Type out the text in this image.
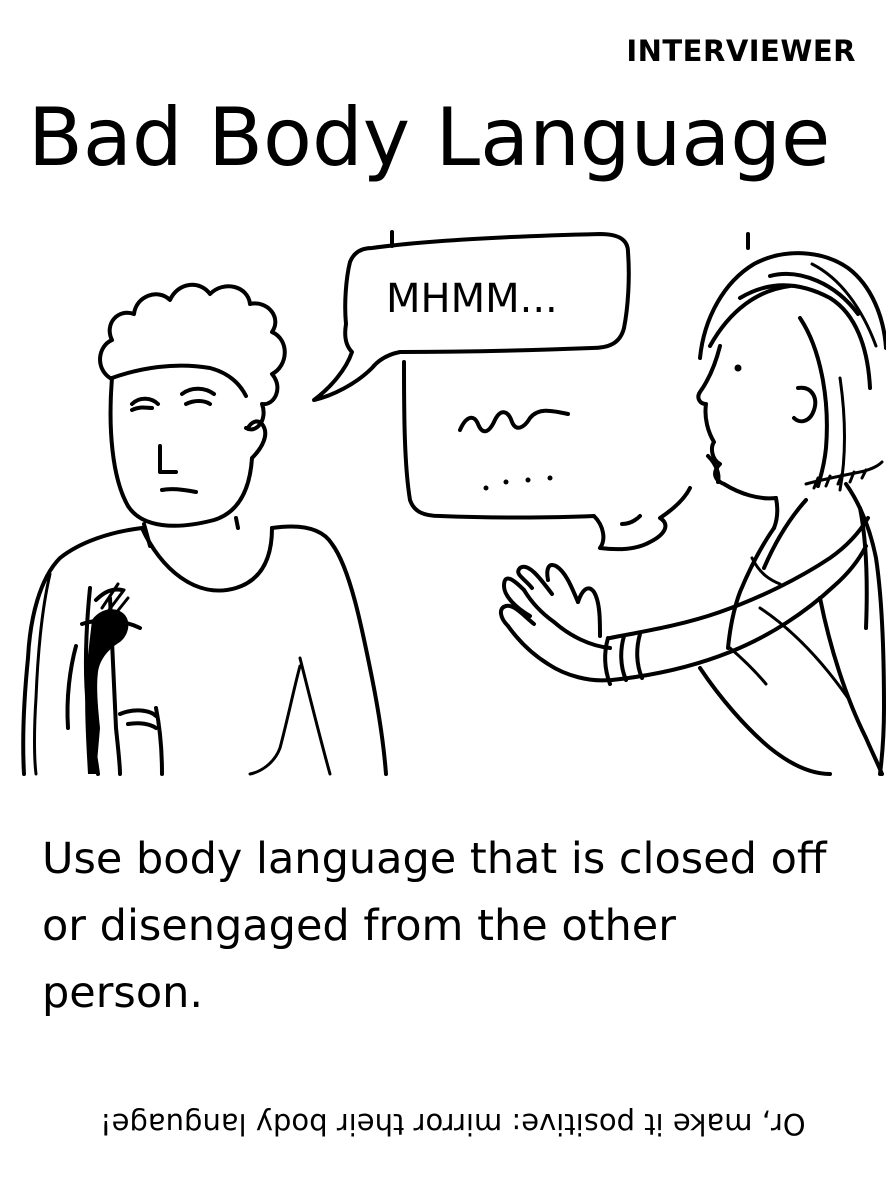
INTERVIEWER
Bad Body Language
MHMM...

Use body language that is closed off or disengaged from the other person.

Or, make it positive: mirror their body language!
